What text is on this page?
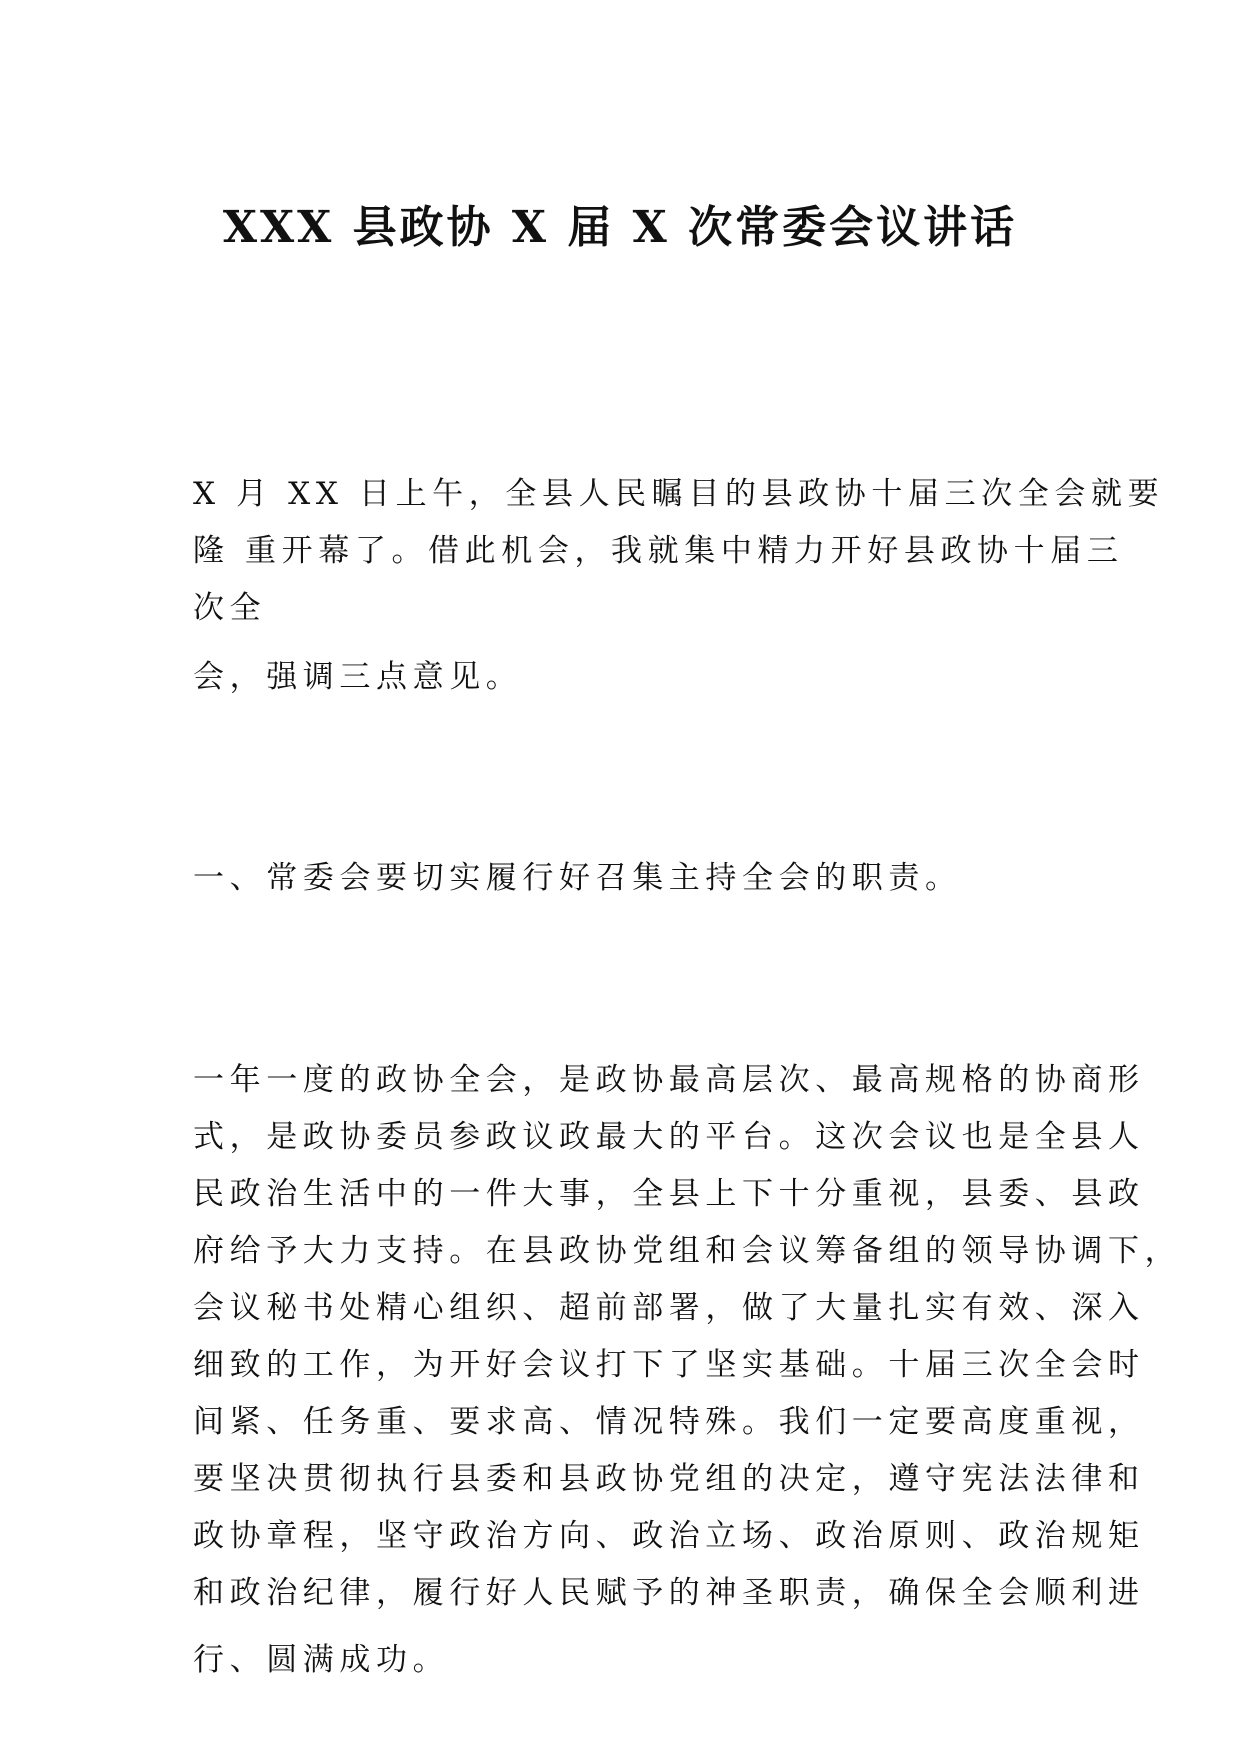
XXX 县政协 X 届 X 次常委会议讲话
X 月 XX 日上午，全县人民瞩目的县政协十届三次全会就要
隆 重开幕了。借此机会，我就集中精力开好县政协十届三
次全
会，强调三点意见。
一、常委会要切实履行好召集主持全会的职责。
一年一度的政协全会，是政协最高层次、最高规格的协商形
式，是政协委员参政议政最大的平台。这次会议也是全县人
民政治生活中的一件大事，全县上下十分重视，县委、县政
府给予大力支持。在县政协党组和会议筹备组的领导协调下，
会议秘书处精心组织、超前部署，做了大量扎实有效、深入
细致的工作，为开好会议打下了坚实基础。十届三次全会时
间紧、任务重、要求高、情况特殊。我们一定要高度重视，
要坚决贯彻执行县委和县政协党组的决定，遵守宪法法律和
政协章程，坚守政治方向、政治立场、政治原则、政治规矩
和政治纪律，履行好人民赋予的神圣职责，确保全会顺利进
行、圆满成功。
